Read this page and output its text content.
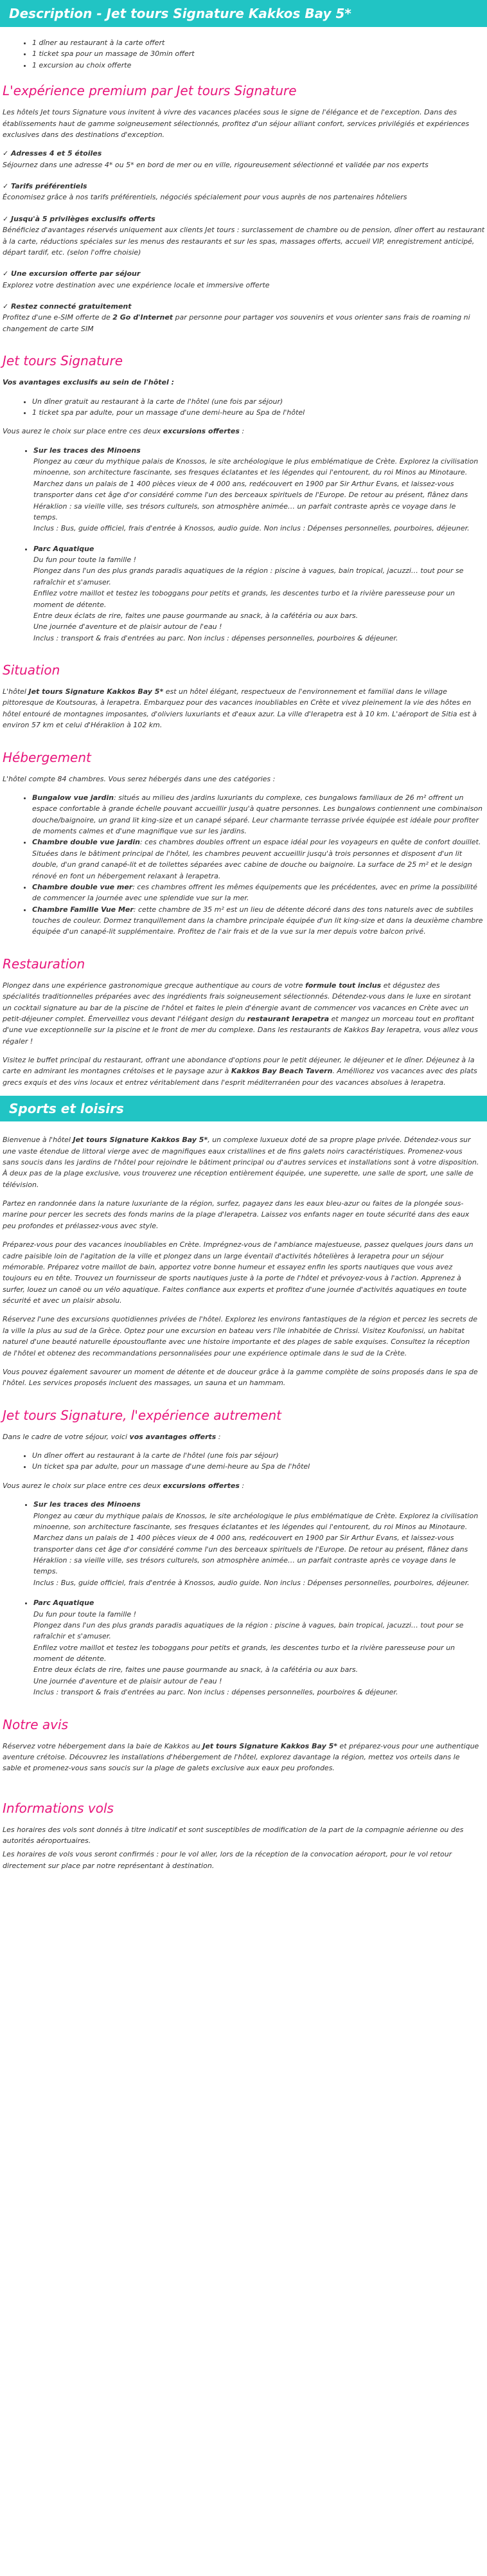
Description - Jet tours Signature Kakkos Bay 5*
• 1 dîner au restaurant à la carte offert
• 1 ticket spa pour un massage de 30min offert
• 1 excursion au choix offerte
L'expérience premium par Jet tours Signature

Les hôtels Jet tours Signature vous invitent à vivre des vacances placées sous le signe de l'élégance et de l'exception. Dans des établissements haut de gamme soigneusement sélectionnés, profitez d'un séjour alliant confort, services privilégiés et expériences exclusives dans des destinations d'exception.

✓ Adresses 4 et 5 étoiles
Séjournez dans une adresse 4* ou 5* en bord de mer ou en ville, rigoureusement sélectionné et validée par nos experts
✓ Tarifs préférentiels
Économisez grâce à nos tarifs préférentiels, négociés spécialement pour vous auprès de nos partenaires hôteliers
✓ Jusqu'à 5 privilèges exclusifs offerts
Bénéficiez d'avantages réservés uniquement aux clients Jet tours : surclassement de chambre ou de pension, dîner offert au restaurant à la carte, réductions spéciales sur les menus des restaurants et sur les spas, massages offerts, accueil VIP, enregistrement anticipé, départ tardif, etc. (selon l'offre choisie)
✓ Une excursion offerte par séjour
Explorez votre destination avec une expérience locale et immersive offerte
✓ Restez connecté gratuitement
Profitez d'une e-SIM offerte de 2 Go d'Internet par personne pour partager vos souvenirs et vous orienter sans frais de roaming ni changement de carte SIM
Jet tours Signature

Vos avantages exclusifs au sein de l'hôtel :

• Un dîner gratuit au restaurant à la carte de l'hôtel (une fois par séjour)
• 1 ticket spa par adulte, pour un massage d'une demi-heure au Spa de l'hôtel

Vous aurez le choix sur place entre ces deux excursions offertes :

• Sur les traces des Minoens
Plongez au cœur du mythique palais de Knossos, le site archéologique le plus emblématique de Crète. Explorez la civilisation minoenne, son architecture fascinante, ses fresques éclatantes et les légendes qui l'entourent, du roi Minos au Minotaure. Marchez dans un palais de 1 400 pièces vieux de 4 000 ans, redécouvert en 1900 par Sir Arthur Evans, et laissez-vous transporter dans cet âge d'or considéré comme l'un des berceaux spirituels de l'Europe. De retour au présent, flânez dans Héraklion : sa vieille ville, ses trésors culturels, son atmosphère animée… un parfait contraste après ce voyage dans le temps.
Inclus : Bus, guide officiel, frais d'entrée à Knossos, audio guide. Non inclus : Dépenses personnelles, pourboires, déjeuner.
• Parc Aquatique
Du fun pour toute la famille !
Plongez dans l'un des plus grands paradis aquatiques de la région : piscine à vagues, bain tropical, jacuzzi… tout pour se rafraîchir et s'amuser.
Enfilez votre maillot et testez les toboggans pour petits et grands, les descentes turbo et la rivière paresseuse pour un moment de détente.
Entre deux éclats de rire, faites une pause gourmande au snack, à la cafétéria ou aux bars.
Une journée d'aventure et de plaisir autour de l'eau !
Inclus : transport & frais d'entrées au parc. Non inclus : dépenses personnelles, pourboires & déjeuner.
Situation

L'hôtel Jet tours Signature Kakkos Bay 5* est un hôtel élégant, respectueux de l'environnement et familial dans le village pittoresque de Koutsouras, à Ierapetra. Embarquez pour des vacances inoubliables en Crète et vivez pleinement la vie des hôtes en hôtel entouré de montagnes imposantes, d'oliviers luxuriants et d'eaux azur. La ville d'Ierapetra est à 10 km. L'aéroport de Sitia est à environ 57 km et celui d'Héraklion à 102 km.

Hébergement

L'hôtel compte 84 chambres. Vous serez hébergés dans une des catégories :

• Bungalow vue jardin: situés au milieu des jardins luxuriants du complexe, ces bungalows familiaux de 26 m² offrent un espace confortable à grande échelle pouvant accueillir jusqu'à quatre personnes. Les bungalows contiennent une combinaison douche/baignoire, un grand lit king-size et un canapé séparé. Leur charmante terrasse privée équipée est idéale pour profiter de moments calmes et d'une magnifique vue sur les jardins.
• Chambre double vue jardin: ces chambres doubles offrent un espace idéal pour les voyageurs en quête de confort douillet. Situées dans le bâtiment principal de l'hôtel, les chambres peuvent accueillir jusqu'à trois personnes et disposent d'un lit double, d'un grand canapé-lit et de toilettes séparées avec cabine de douche ou baignoire. La surface de 25 m² et le design rénové en font un hébergement relaxant à Ierapetra.
• Chambre double vue mer: ces chambres offrent les mêmes équipements que les précédentes, avec en prime la possibilité de commencer la journée avec une splendide vue sur la mer.
• Chambre Famille Vue Mer: cette chambre de 35 m² est un lieu de détente décoré dans des tons naturels avec de subtiles touches de couleur. Dormez tranquillement dans la chambre principale équipée d'un lit king-size et dans la deuxième chambre équipée d'un canapé-lit supplémentaire. Profitez de l'air frais et de la vue sur la mer depuis votre balcon privé.
Restauration

Plongez dans une expérience gastronomique grecque authentique au cours de votre formule tout inclus et dégustez des spécialités traditionnelles préparées avec des ingrédients frais soigneusement sélectionnés. Détendez-vous dans le luxe en sirotant un cocktail signature au bar de la piscine de l'hôtel et faites le plein d'énergie avant de commencer vos vacances en Crète avec un petit-déjeuner complet. Émerveillez vous devant l'élégant design du restaurant Ierapetra et mangez un morceau tout en profitant d'une vue exceptionnelle sur la piscine et le front de mer du complexe. Dans les restaurants de Kakkos Bay Ierapetra, vous allez vous régaler !

Visitez le buffet principal du restaurant, offrant une abondance d'options pour le petit déjeuner, le déjeuner et le dîner. Déjeunez à la carte en admirant les montagnes crétoises et le paysage azur à Kakkos Bay Beach Tavern. Amélliorez vos vacances avec des plats grecs exquis et des vins locaux et entrez véritablement dans l'esprit méditerranéen pour des vacances absolues à Ierapetra.

Sports et loisirs

Bienvenue à l'hôtel Jet tours Signature Kakkos Bay 5*, un complexe luxueux doté de sa propre plage privée. Détendez-vous sur une vaste étendue de littoral vierge avec de magnifiques eaux cristallines et de fins galets noirs caractéristiques. Promenez-vous sans soucis dans les jardins de l'hôtel pour rejoindre le bâtiment principal ou d'autres services et installations sont à votre disposition. À deux pas de la plage exclusive, vous trouverez une réception entièrement équipée, une superette, une salle de sport, une salle de télévision.

Partez en randonnée dans la nature luxuriante de la région, surfez, pagayez dans les eaux bleu-azur ou faites de la plongée sous-marine pour percer les secrets des fonds marins de la plage d'Ierapetra. Laissez vos enfants nager en toute sécurité dans des eaux peu profondes et prélassez-vous avec style.

Préparez-vous pour des vacances inoubliables en Crète. Imprégnez-vous de l'ambiance majestueuse, passez quelques jours dans un cadre paisible loin de l'agitation de la ville et plongez dans un large éventail d'activités hôtelières à Ierapetra pour un séjour mémorable. Préparez votre maillot de bain, apportez votre bonne humeur et essayez enfin les sports nautiques que vous avez toujours eu en tête. Trouvez un fournisseur de sports nautiques juste à la porte de l'hôtel et prévoyez-vous à l'action. Apprenez à surfer, louez un canoë ou un vélo aquatique. Faites confiance aux experts et profitez d'une journée d'activités aquatiques en toute sécurité et avec un plaisir absolu.

Réservez l'une des excursions quotidiennes privées de l'hôtel. Explorez les environs fantastiques de la région et percez les secrets de la ville la plus au sud de la Grèce. Optez pour une excursion en bateau vers l'île inhabitée de Chrissi. Visitez Koufonissi, un habitat naturel d'une beauté naturelle époustouflante avec une histoire importante et des plages de sable exquises. Consultez la réception de l'hôtel et obtenez des recommandations personnalisées pour une expérience optimale dans le sud de la Crète.

Vous pouvez également savourer un moment de détente et de douceur grâce à la gamme complète de soins proposés dans le spa de l'hôtel. Les services proposés incluent des massages, un sauna et un hammam.

Jet tours Signature, l'expérience autrement

Dans le cadre de votre séjour, voici vos avantages offerts :

• Un dîner offert au restaurant à la carte de l'hôtel (une fois par séjour)
• Un ticket spa par adulte, pour un massage d'une demi-heure au Spa de l'hôtel

Vous aurez le choix sur place entre ces deux excursions offertes :

• Sur les traces des Minoens
Plongez au cœur du mythique palais de Knossos, le site archéologique le plus emblématique de Crète. Explorez la civilisation minoenne, son architecture fascinante, ses fresques éclatantes et les légendes qui l'entourent, du roi Minos au Minotaure. Marchez dans un palais de 1 400 pièces vieux de 4 000 ans, redécouvert en 1900 par Sir Arthur Evans, et laissez-vous transporter dans cet âge d'or considéré comme l'un des berceaux spirituels de l'Europe. De retour au présent, flânez dans Héraklion : sa vieille ville, ses trésors culturels, son atmosphère animée… un parfait contraste après ce voyage dans le temps.
Inclus : Bus, guide officiel, frais d'entrée à Knossos, audio guide. Non inclus : Dépenses personnelles, pourboires, déjeuner.
• Parc Aquatique
Du fun pour toute la famille !
Plongez dans l'un des plus grands paradis aquatiques de la région : piscine à vagues, bain tropical, jacuzzi… tout pour se rafraîchir et s'amuser.
Enfilez votre maillot et testez les toboggans pour petits et grands, les descentes turbo et la rivière paresseuse pour un moment de détente.
Entre deux éclats de rire, faites une pause gourmande au snack, à la cafétéria ou aux bars.
Une journée d'aventure et de plaisir autour de l'eau !
Inclus : transport & frais d'entrées au parc. Non inclus : dépenses personnelles, pourboires & déjeuner.
Notre avis

Réservez votre hébergement dans la baie de Kakkos au Jet tours Signature Kakkos Bay 5* et préparez-vous pour une authentique aventure crétoise. Découvrez les installations d'hébergement de l'hôtel, explorez davantage la région, mettez vos orteils dans le sable et promenez-vous sans soucis sur la plage de galets exclusive aux eaux peu profondes.

Informations vols

Les horaires des vols sont donnés à titre indicatif et sont susceptibles de modification de la part de la compagnie aérienne ou des autorités aéroportuaires.

Les horaires de vols vous seront confirmés : pour le vol aller, lors de la réception de la convocation aéroport, pour le vol retour directement sur place par notre représentant à destination.
